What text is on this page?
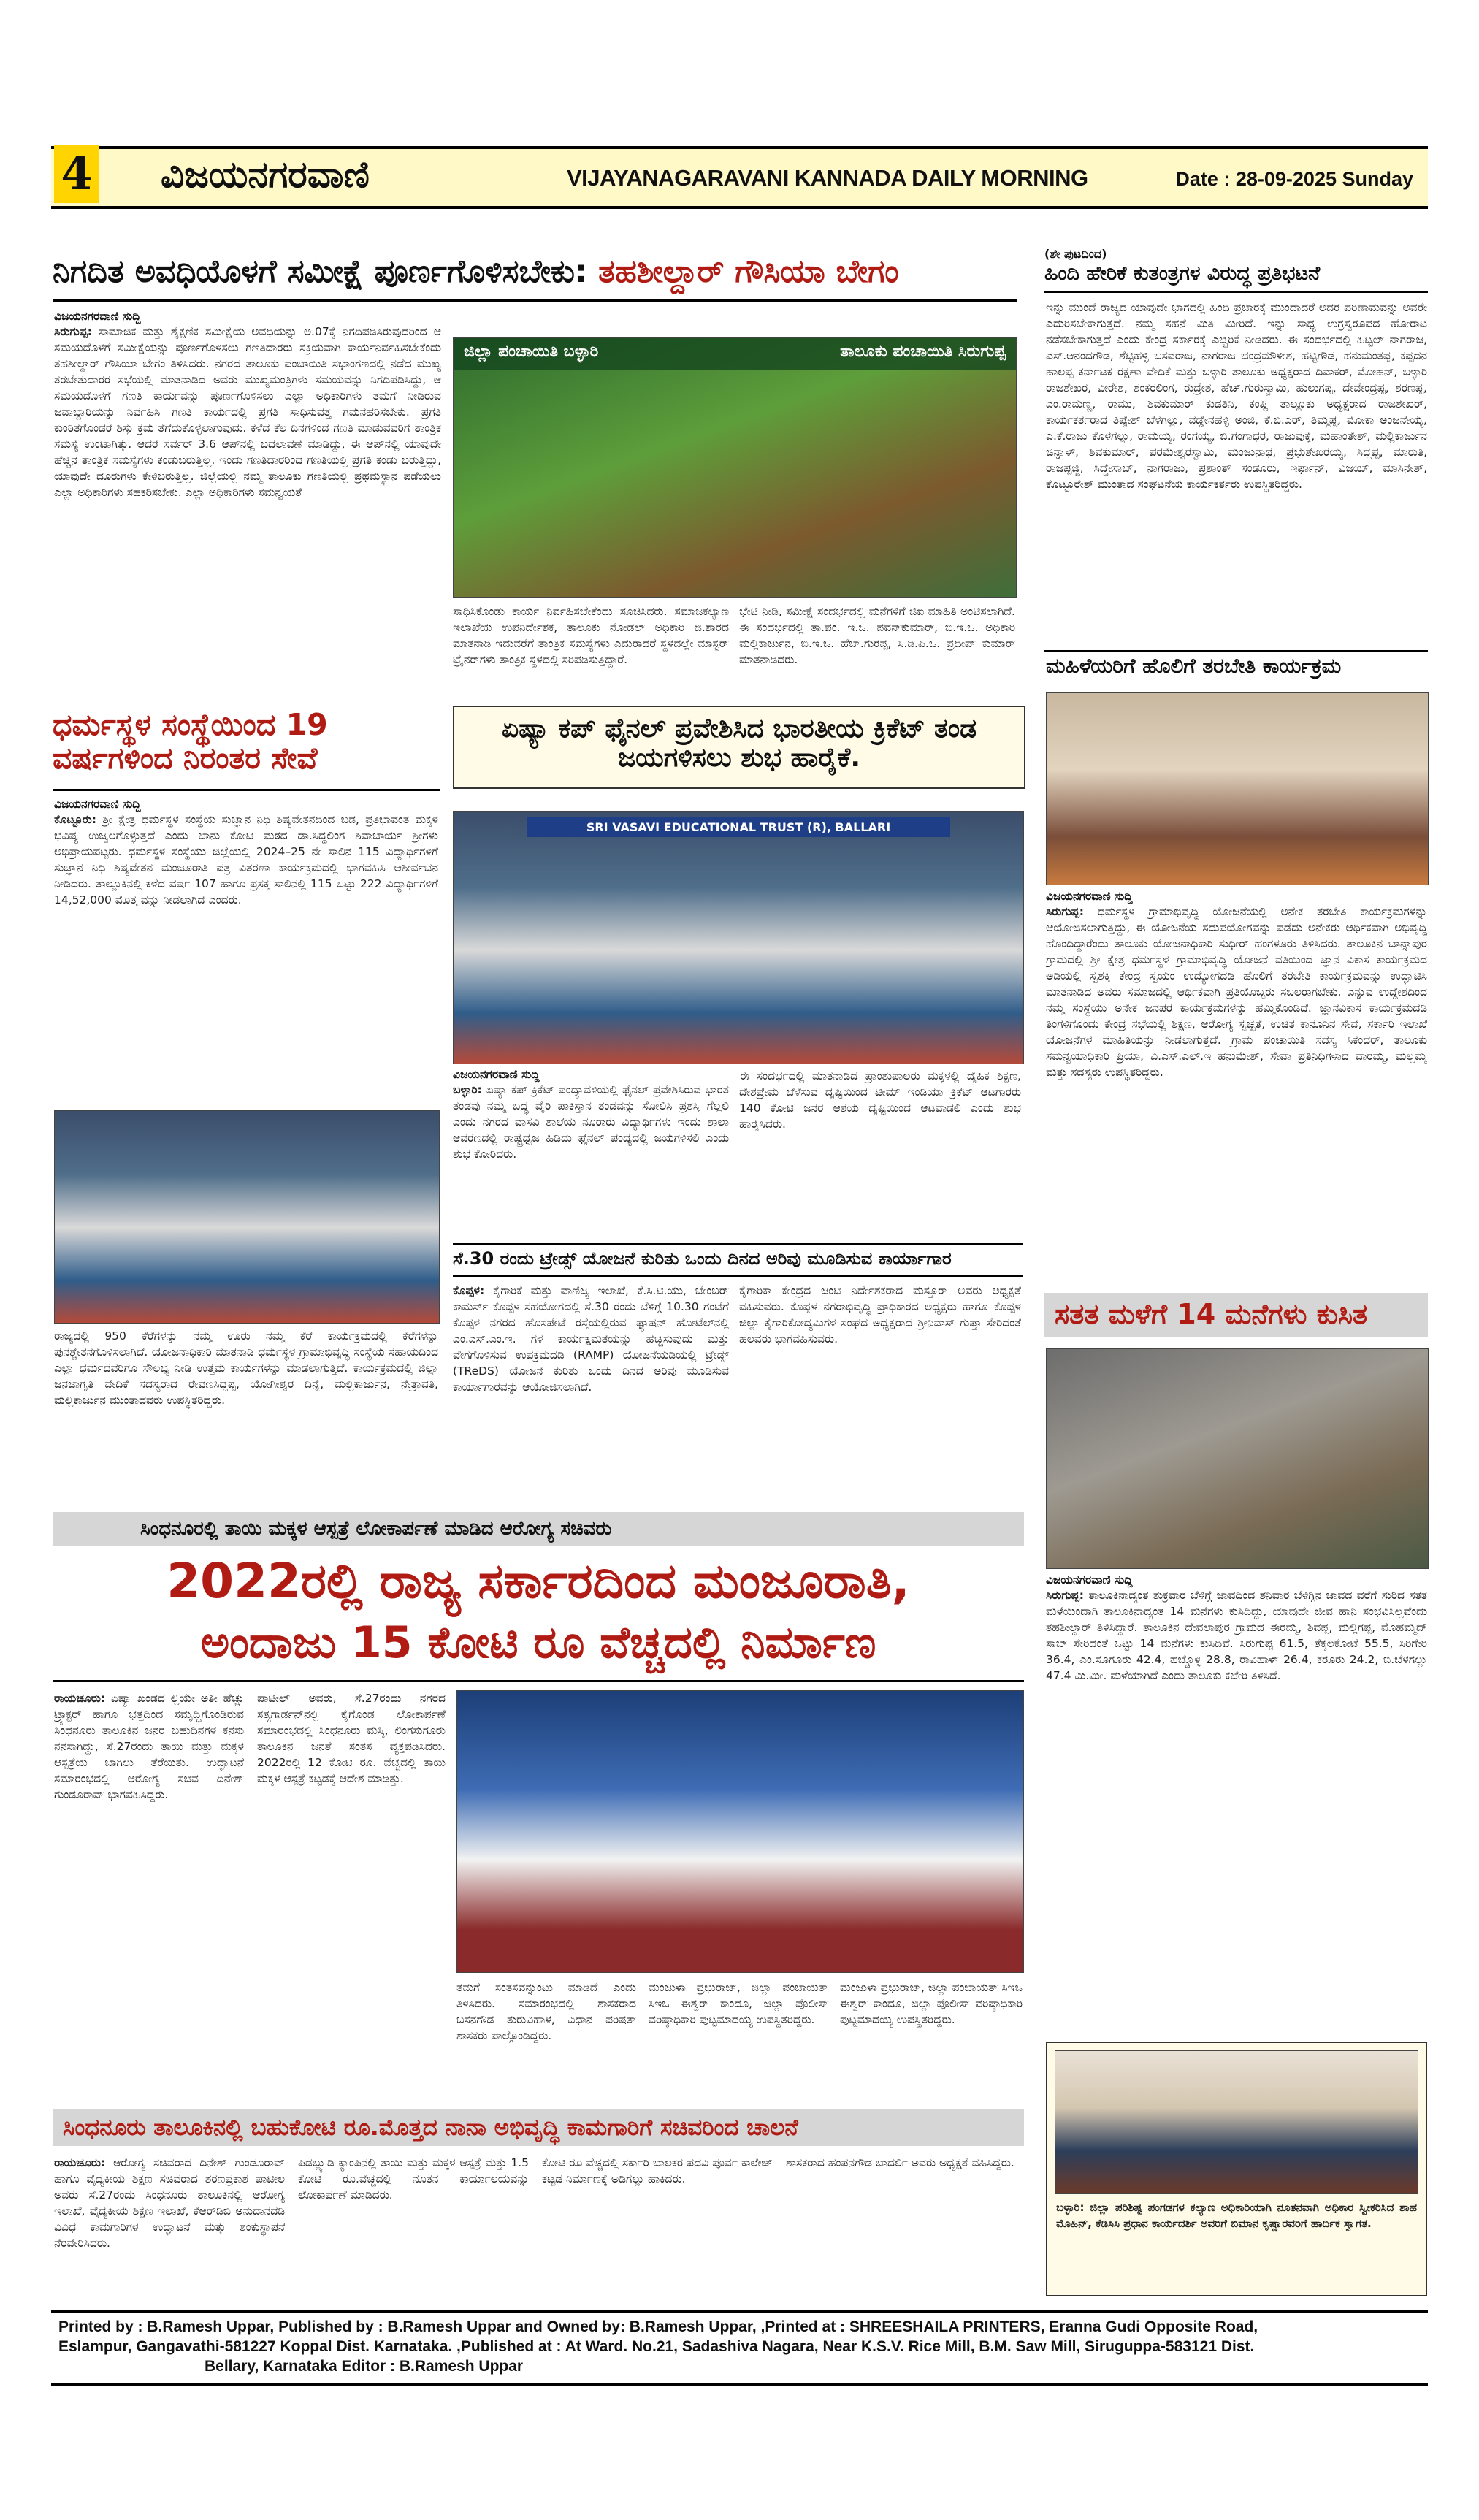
4 ವಿಜಯನಗರವಾಣಿ	VIJAYANAGARAVANI KANNADA DAILY MORNING	Date : 28-09-2025 Sunday
ನಿಗದಿತ ಅವಧಿಯೊಳಗೆ ಸಮೀಕ್ಷೆ ಪೂರ್ಣಗೊಳಿಸಬೇಕು: ತಹಶೀಲ್ದಾರ್ ಗೌಸಿಯಾ ಬೇಗಂ
ವಿಜಯನಗರವಾಣಿ ಸುದ್ದಿ
ಸಿರುಗುಪ್ಪ: ಸಾಮಾಜಿಕ ಮತ್ತು ಶೈಕ್ಷಣಿಕ ಸಮೀಕ್ಷೆಯ ಅವಧಿಯನ್ನು ಅ.07ಕ್ಕೆ ನಿಗದಿಪಡಿಸಿರುವುದರಿಂದ ಆ ಸಮಯದೊಳಗೆ ಸಮೀಕ್ಷೆಯನ್ನು ಪೂರ್ಣಗೊಳಿಸಲು ಗಣತಿದಾರರು ಸಕ್ರಿಯವಾಗಿ ಕಾರ್ಯನಿರ್ವಹಿಸಬೇಕೆಂದು ತಹಶೀಲ್ದಾರ್ ಗೌಸಿಯಾ ಬೇಗಂ ತಿಳಿಸಿದರು. ನಗರದ ತಾಲೂಕು ಪಂಚಾಯಿತಿ ಸಭಾಂಗಣದಲ್ಲಿ ನಡೆದ ಮುಖ್ಯ ತರಬೇತುದಾರರ ಸಭೆಯಲ್ಲಿ ಮಾತನಾಡಿದ ಅವರು ಮುಖ್ಯಮಂತ್ರಿಗಳು ಸಮಯವನ್ನು ನಿಗದಿಪಡಿಸಿದ್ದು, ಆ ಸಮಯದೊಳಗೆ ಗಣತಿ ಕಾರ್ಯವನ್ನು ಪೂರ್ಣಗೊಳಿಸಲು ಎಲ್ಲಾ ಅಧಿಕಾರಿಗಳು ತಮಗೆ ನೀಡಿರುವ ಜವಾಬ್ದಾರಿಯನ್ನು ನಿರ್ವಹಿಸಿ ಗಣತಿ ಕಾರ್ಯದಲ್ಲಿ ಪ್ರಗತಿ ಸಾಧಿಸುವತ್ತ ಗಮನಹರಿಸಬೇಕು. ಪ್ರಗತಿ ಕುಂಠಿತಗೊಂಡರೆ ಶಿಸ್ತು ಕ್ರಮ ತೆಗೆದುಕೊಳ್ಳಲಾಗುವುದು. ಕಳೆದ ಕೆಲ ದಿನಗಳಿಂದ ಗಣತಿ ಮಾಡುವವರಿಗೆ ತಾಂತ್ರಿಕ ಸಮಸ್ಯೆ ಉಂಟಾಗಿತ್ತು. ಆದರೆ ಸರ್ವರ್ 3.6 ಆಪ್‌ನಲ್ಲಿ ಬದಲಾವಣೆ ಮಾಡಿದ್ದು, ಈ ಆಪ್‌ನಲ್ಲಿ ಯಾವುದೇ ಹೆಚ್ಚಿನ ತಾಂತ್ರಿಕ ಸಮಸ್ಯೆಗಳು ಕಂಡುಬರುತ್ತಿಲ್ಲ. ಇಂದು ಗಣತಿದಾರರಿಂದ ಗಣತಿಯಲ್ಲಿ ಪ್ರಗತಿ ಕಂಡು ಬರುತ್ತಿದ್ದು, ಯಾವುದೇ ದೂರುಗಳು ಕೇಳಿಬರುತ್ತಿಲ್ಲ. ಜಿಲ್ಲೆಯಲ್ಲಿ ನಮ್ಮ ತಾಲೂಕು ಗಣತಿಯಲ್ಲಿ ಪ್ರಥಮಸ್ಥಾನ ಪಡೆಯಲು ಎಲ್ಲಾ ಅಧಿಕಾರಿಗಳು ಸಹಕರಿಸಬೇಕು. ಎಲ್ಲಾ ಅಧಿಕಾರಿಗಳು ಸಮನ್ವಯತೆ
ಜಿಲ್ಲಾ ಪಂಚಾಯಿತಿ ಬಳ್ಳಾರಿ	ತಾಲೂಕು ಪಂಚಾಯಿತಿ ಸಿರುಗುಪ್ಪ
ಸಾಧಿಸಿಕೊಂಡು ಕಾರ್ಯ ನಿರ್ವಹಿಸಬೇಕೆಂದು ಸೂಚಿಸಿದರು. ಸಮಾಜಕಲ್ಯಾಣ ಇಲಾಖೆಯ ಉಪನಿರ್ದೇಶಕ, ತಾಲೂಕು ನೋಡಲ್ ಅಧಿಕಾರಿ ಜಿ.ಶಾರದ ಮಾತನಾಡಿ ಇದುವರೆಗೆ ತಾಂತ್ರಿಕ ಸಮಸ್ಯೆಗಳು ಎದುರಾದರೆ ಸ್ಥಳದಲ್ಲೇ ಮಾಸ್ಟರ್ ಟ್ರೈನರ್‌ಗಳು ತಾಂತ್ರಿಕ ಸ್ಥಳದಲ್ಲಿ ಸರಿಪಡಿಸುತ್ತಿದ್ದಾರೆ.
ಭೇಟಿ ನೀಡಿ, ಸಮೀಕ್ಷೆ ಸಂದರ್ಭದಲ್ಲಿ ಮನೆಗಳಿಗೆ ಜಿಐ ಮಾಹಿತಿ ಅಂಟಿಸಲಾಗಿದೆ. ಈ ಸಂದರ್ಭದಲ್ಲಿ ತಾ.ಪಂ. ಇ.ಒ. ಪವನ್‌ಕುಮಾರ್, ಬಿ.ಇ.ಒ. ಅಧಿಕಾರಿ ಮಲ್ಲಿಕಾರ್ಜುನ, ಬಿ.ಇ.ಒ. ಹೆಚ್.ಗುರಪ್ಪ, ಸಿ.ಡಿ.ಪಿ.ಒ. ಪ್ರದೀಪ್ ಕುಮಾರ್ ಮಾತನಾಡಿದರು.
(ಶೇ ಪುಟದಿಂದ)
ಹಿಂದಿ ಹೇರಿಕೆ ಕುತಂತ್ರಗಳ ವಿರುದ್ಧ ಪ್ರತಿಭಟನೆ
ಇನ್ನು ಮುಂದೆ ರಾಜ್ಯದ ಯಾವುದೇ ಭಾಗದಲ್ಲಿ ಹಿಂದಿ ಪ್ರಚಾರಕ್ಕೆ ಮುಂದಾದರೆ ಅದರ ಪರಿಣಾಮವನ್ನು ಅವರೇ ಎದುರಿಸಬೇಕಾಗುತ್ತದೆ. ನಮ್ಮ ಸಹನೆ ಮಿತಿ ಮೀರಿದೆ. ಇನ್ನು ಸಾಧ್ಯ ಉಗ್ರಸ್ವರೂಪದ ಹೋರಾಟ ನಡೆಸಬೇಕಾಗುತ್ತದೆ ಎಂದು ಕೇಂದ್ರ ಸರ್ಕಾರಕ್ಕೆ ಎಚ್ಚರಿಕೆ ನೀಡಿದರು. ಈ ಸಂದರ್ಭದಲ್ಲಿ ಹಿಟ್ಟಲ್ ನಾಗರಾಜ, ಎಸ್.ಆನಂದಗೌಡ, ಶೆಟ್ಟಿಹಳ್ಳಿ ಬಸವರಾಜ, ನಾಗರಾಜ ಚಂದ್ರಮೌಳೀಶ, ಹಟ್ಟಿಗೌಡ, ಹನುಮಂತಪ್ಪ, ಕಪ್ಪದನ ಹಾಲಪ್ಪ ಕರ್ನಾಟಕ ರಕ್ಷಣಾ ವೇದಿಕೆ ಮತ್ತು ಬಳ್ಳಾರಿ ತಾಲೂಕು ಅಧ್ಯಕ್ಷರಾದ ದಿವಾಕರ್, ಮೋಹನ್, ಬಳ್ಳಾರಿ ರಾಜಶೇಖರ, ವೀರೇಶ, ಶಂಕರಲಿಂಗ, ರುದ್ರೇಶ, ಹೆಚ್.ಗುರುಸ್ವಾಮಿ, ಹುಲುಗಪ್ಪ, ದೇವೇಂದ್ರಪ್ಪ, ಶರಣಪ್ಪ, ಎಂ.ರಾಮಣ್ಣ, ರಾಮು, ಶಿವಕುಮಾರ್ ಕುಡತಿನಿ, ಕಂಪ್ಲಿ ತಾಲ್ಲೂಕು ಅಧ್ಯಕ್ಷರಾದ ರಾಜಶೇಖರ್, ಕಾರ್ಯಕರ್ತರಾದ ತಿಪ್ಪೇಶ್ ಬೆಳಗಲ್ಲು, ವಡ್ಡೇನಹಳ್ಳಿ ಅಂಜಿ, ಕೆ.ಬಿ.ಎರ್, ತಿಮ್ಮಪ್ಪ, ಮೋಕಾ ಅಂಜನೇಯ್ಯ, ಎ.ಕೆ.ರಾಜು ಕೊಳಗಲ್ಲು, ರಾಮಯ್ಯ, ರಂಗಯ್ಯ, ಬಿ.ಗಂಗಾಧರ, ರಾಜುವುಕ್ಕೆ, ಮಹಾಂತೇಶ್, ಮಲ್ಲಿಕಾರ್ಜುನ ಚಿನ್ನಾಳ್, ಶಿವಕುಮಾರ್, ಪರಮೇಶ್ವರಸ್ವಾಮಿ, ಮಂಜುನಾಥ, ಪ್ರಭುಶೇಖರಯ್ಯ, ಸಿದ್ದಪ್ಪ, ಮಾರುತಿ, ರಾಜಪ್ಪಜ್ಜಿ, ಸಿದ್ದೇಸಾಬ್, ನಾಗರಾಜು, ಪ್ರಶಾಂತ್ ಸಂಡೂರು, ಇರ್ಫಾನ್, ವಿಜಯ್, ಮಾಸಿನೇಶ್, ಕೊಟ್ಟೂರೇಶ್ ಮುಂತಾದ ಸಂಘಟನೆಯ ಕಾರ್ಯಕರ್ತರು ಉಪಸ್ಥಿತರಿದ್ದರು.
ಮಹಿಳೆಯರಿಗೆ ಹೊಲಿಗೆ ತರಬೇತಿ ಕಾರ್ಯಕ್ರಮ
ವಿಜಯನಗರವಾಣಿ ಸುದ್ದಿ
ಸಿರುಗುಪ್ಪ: ಧರ್ಮಸ್ಥಳ ಗ್ರಾಮಾಭಿವೃದ್ಧಿ ಯೋಜನೆಯಲ್ಲಿ ಅನೇಕ ತರಬೇತಿ ಕಾರ್ಯಕ್ರಮಗಳನ್ನು ಆಯೋಜಿಸಲಾಗುತ್ತಿದ್ದು, ಈ ಯೋಜನೆಯ ಸದುಪಯೋಗವನ್ನು ಪಡೆದು ಅನೇಕರು ಆರ್ಥಿಕವಾಗಿ ಅಭಿವೃದ್ಧಿ ಹೊಂದಿದ್ದಾರೆಂದು ತಾಲೂಕು ಯೋಜನಾಧಿಕಾರಿ ಸುಧೀರ್ ಹಂಗಳೂರು ತಿಳಿಸಿದರು. ತಾಲೂಕಿನ ಚಾನ್ನಾಪುರ ಗ್ರಾಮದಲ್ಲಿ ಶ್ರೀ ಕ್ಷೇತ್ರ ಧರ್ಮಸ್ಥಳ ಗ್ರಾಮಾಭಿವೃದ್ಧಿ ಯೋಜನೆ ವತಿಯಿಂದ ಜ್ಞಾನ ವಿಕಾಸ ಕಾರ್ಯಕ್ರಮದ ಅಡಿಯಲ್ಲಿ ಸ್ವಶಕ್ತಿ ಕೇಂದ್ರ ಸ್ವಯಂ ಉದ್ಯೋಗದಡಿ ಹೊಲಿಗೆ ತರಬೇತಿ ಕಾರ್ಯಕ್ರಮವನ್ನು ಉದ್ಘಾಟಿಸಿ ಮಾತನಾಡಿದ ಅವರು ಸಮಾಜದಲ್ಲಿ ಆರ್ಥಿಕವಾಗಿ ಪ್ರತಿಯೊಬ್ಬರು ಸಬಲರಾಗಬೇಕು. ಎನ್ನುವ ಉದ್ದೇಶದಿಂದ ನಮ್ಮ ಸಂಸ್ಥೆಯು ಅನೇಕ ಜನಪರ ಕಾರ್ಯಕ್ರಮಗಳನ್ನು ಹಮ್ಮಿಕೊಂಡಿದೆ. ಜ್ಞಾನವಿಕಾಸ ಕಾರ್ಯಕ್ರಮದಡಿ ತಿಂಗಳಿಗೊಂದು ಕೇಂದ್ರ ಸಭೆಯಲ್ಲಿ ಶಿಕ್ಷಣ, ಆರೋಗ್ಯ ಸ್ವಚ್ಛತೆ, ಉಚಿತ ಕಾನೂನಿನ ಸೇವೆ, ಸರ್ಕಾರಿ ಇಲಾಖೆ ಯೋಜನೆಗಳ ಮಾಹಿತಿಯನ್ನು ನೀಡಲಾಗುತ್ತದೆ. ಗ್ರಾಮ ಪಂಚಾಯಿತಿ ಸದಸ್ಯ ಸಿಕಂದರ್, ತಾಲೂಕು ಸಮನ್ವಯಾಧಿಕಾರಿ ಪ್ರಿಯಾ, ವಿ.ಎಸ್.ಎಲ್.ಇ ಹನುಮೇಶ್, ಸೇವಾ ಪ್ರತಿನಿಧಿಗಳಾದ ವಾರಮ್ಮ, ಮಲ್ಲಮ್ಮ ಮತ್ತು ಸದಸ್ಯರು ಉಪಸ್ಥಿತರಿದ್ದರು.
ಸತತ ಮಳೆಗೆ 14 ಮನೆಗಳು ಕುಸಿತ
ವಿಜಯನಗರವಾಣಿ ಸುದ್ದಿ
ಸಿರುಗುಪ್ಪ: ತಾಲೂಕಿನಾದ್ಯಂತ ಶುಕ್ರವಾರ ಬೆಳಿಗ್ಗೆ ಜಾವದಿಂದ ಶನಿವಾರ ಬೆಳಿಗ್ಗಿನ ಜಾವದ ವರೆಗೆ ಸುರಿದ ಸತತ ಮಳೆಯಿಂದಾಗಿ ತಾಲೂಕಿನಾದ್ಯಂತ 14 ಮನೆಗಳು ಕುಸಿದಿದ್ದು, ಯಾವುದೇ ಜೀವ ಹಾನಿ ಸಂಭವಿಸಿಲ್ಲವೆಂದು ತಹಶೀಲ್ದಾರ್ ತಿಳಿಸಿದ್ದಾರೆ. ತಾಲೂಕಿನ ದೇವಲಾಪುರ ಗ್ರಾಮದ ಈರಮ್ಮ, ಶಿವಪ್ಪ, ಮಲ್ಲಿಗಪ್ಪ, ಮೊಹಮ್ಮದ್ ಸಾಬ್ ಸೇರಿದಂತೆ ಒಟ್ಟು 14 ಮನೆಗಳು ಕುಸಿದಿವೆ. ಸಿರುಗುಪ್ಪ 61.5, ತೆಕ್ಕಲಕೋಟೆ 55.5, ಸಿರಿಗೇರಿ 36.4, ಎಂ.ಸೂಗೂರು 42.4, ಹಚ್ಚೊಳ್ಳಿ 28.8, ರಾವಿಹಾಳ್ 26.4, ಕರೂರು 24.2, ಬಿ.ಬೆಳಗಲ್ಲು 47.4 ಮಿ.ಮೀ. ಮಳೆಯಾಗಿದೆ ಎಂದು ತಾಲೂಕು ಕಚೇರಿ ತಿಳಿಸಿದೆ.
ಬಳ್ಳಾರಿ: ಜಿಲ್ಲಾ ಪರಿಶಿಷ್ಟ ಪಂಗಡಗಳ ಕಲ್ಯಾಣ ಅಧಿಕಾರಿಯಾಗಿ ನೂತನವಾಗಿ ಅಧಿಕಾರ ಸ್ವೀಕರಿಸಿದ ಶಾಹ ಮೊಹಿನ್, ಕೆಡಿಸಿಸಿ ಪ್ರಧಾನ ಕಾರ್ಯದರ್ಶಿ ಅವರಿಗೆ ಬಿಮಾನ ಕೃಷ್ಣಾರವರಿಗೆ ಹಾರ್ದಿಕ ಸ್ವಾಗತ.
ಧರ್ಮಸ್ಥಳ ಸಂಸ್ಥೆಯಿಂದ 19 ವರ್ಷಗಳಿಂದ ನಿರಂತರ ಸೇವೆ
ವಿಜಯನಗರವಾಣಿ ಸುದ್ದಿ
ಕೊಟ್ಟೂರು: ಶ್ರೀ ಕ್ಷೇತ್ರ ಧರ್ಮಸ್ಥಳ ಸಂಸ್ಥೆಯ ಸುಜ್ಞಾನ ನಿಧಿ ಶಿಷ್ಯವೇತನದಿಂದ ಬಡ, ಪ್ರತಿಭಾವಂತ ಮಕ್ಕಳ ಭವಿಷ್ಯ ಉಜ್ವಲಗೊಳ್ಳುತ್ತದೆ ಎಂದು ಚಾನು ಕೋಟಿ ಮಠದ ಡಾ.ಸಿದ್ಧಲಿಂಗ ಶಿವಾಚಾರ್ಯ ಶ್ರೀಗಳು ಅಭಿಪ್ರಾಯಪಟ್ಟರು. ಧರ್ಮಸ್ಥಳ ಸಂಸ್ಥೆಯು ಜಿಲ್ಲೆಯಲ್ಲಿ 2024–25 ನೇ ಸಾಲಿನ 115 ವಿದ್ಯಾರ್ಥಿಗಳಿಗೆ ಸುಜ್ಞಾನ ನಿಧಿ ಶಿಷ್ಯವೇತನ ಮಂಜೂರಾತಿ ಪತ್ರ ವಿತರಣಾ ಕಾರ್ಯಕ್ರಮದಲ್ಲಿ ಭಾಗವಹಿಸಿ ಆಶೀರ್ವಚನ ನೀಡಿದರು. ತಾಲ್ಲೂಕಿನಲ್ಲಿ ಕಳೆದ ವರ್ಷ 107 ಹಾಗೂ ಪ್ರಸಕ್ತ ಸಾಲಿನಲ್ಲಿ 115 ಒಟ್ಟು 222 ವಿದ್ಯಾರ್ಥಿಗಳಿಗೆ 14,52,000 ಮೊತ್ತ ವನ್ನು ನೀಡಲಾಗಿದೆ ಎಂದರು.
ರಾಜ್ಯದಲ್ಲಿ 950 ಕೆರೆಗಳನ್ನು ನಮ್ಮ ಊರು ನಮ್ಮ ಕೆರೆ ಕಾರ್ಯಕ್ರಮದಲ್ಲಿ ಕೆರೆಗಳನ್ನು ಪುನಶ್ಚೇತನಗೊಳಿಸಲಾಗಿದೆ. ಯೋಜನಾಧಿಕಾರಿ ಮಾತನಾಡಿ ಧರ್ಮಸ್ಥಳ ಗ್ರಾಮಾಭಿವೃದ್ಧಿ ಸಂಸ್ಥೆಯ ಸಹಾಯದಿಂದ ಎಲ್ಲಾ ಧರ್ಮದವರಿಗೂ ಸೌಲಭ್ಯ ನೀಡಿ ಉತ್ತಮ ಕಾರ್ಯಗಳನ್ನು ಮಾಡಲಾಗುತ್ತಿದೆ. ಕಾರ್ಯಕ್ರಮದಲ್ಲಿ ಜಿಲ್ಲಾ ಜನಜಾಗೃತಿ ವೇದಿಕೆ ಸದಸ್ಯರಾದ ರೇವಣಸಿದ್ದಪ್ಪ, ಯೋಗೀಶ್ವರ ದಿನ್ನೆ, ಮಲ್ಲಿಕಾರ್ಜುನ, ನೇತ್ರಾವತಿ, ಮಲ್ಲಿಕಾರ್ಜುನ ಮುಂತಾದವರು ಉಪಸ್ಥಿತರಿದ್ದರು.
ಏಷ್ಯಾ ಕಪ್ ಫೈನಲ್ ಪ್ರವೇಶಿಸಿದ ಭಾರತೀಯ ಕ್ರಿಕೆಟ್ ತಂಡ ಜಯಗಳಿಸಲು ಶುಭ ಹಾರೈಕೆ.
SRI VASAVI EDUCATIONAL TRUST (R), BALLARI
ವಿಜಯನಗರವಾಣಿ ಸುದ್ದಿ
ಬಳ್ಳಾರಿ: ಏಷ್ಯಾ ಕಪ್ ಕ್ರಿಕೆಟ್ ಪಂದ್ಯಾವಳಿಯಲ್ಲಿ ಫೈನಲ್ ಪ್ರವೇಶಿಸಿರುವ ಭಾರತ ತಂಡವು ನಮ್ಮ ಬದ್ಧ ವೈರಿ ಪಾಕಿಸ್ತಾನ ತಂಡವನ್ನು ಸೋಲಿಸಿ ಪ್ರಶಸ್ತಿ ಗೆಲ್ಲಲಿ ಎಂದು ನಗರದ ವಾಸವಿ ಶಾಲೆಯ ನೂರಾರು ವಿದ್ಯಾರ್ಥಿಗಳು ಇಂದು ಶಾಲಾ ಆವರಣದಲ್ಲಿ ರಾಷ್ಟ್ರಧ್ವಜ ಹಿಡಿದು ಫೈನಲ್ ಪಂದ್ಯದಲ್ಲಿ ಜಯಗಳಿಸಲಿ ಎಂದು ಶುಭ ಕೋರಿದರು.
ಈ ಸಂದರ್ಭದಲ್ಲಿ ಮಾತನಾಡಿದ ಪ್ರಾಂಶುಪಾಲರು ಮಕ್ಕಳಲ್ಲಿ ದೈಹಿಕ ಶಿಕ್ಷಣ, ದೇಶಪ್ರೇಮ ಬೆಳೆಸುವ ದೃಷ್ಟಿಯಿಂದ ಟೀಮ್ ಇಂಡಿಯಾ ಕ್ರಿಕೆಟ್ ಆಟಗಾರರು 140 ಕೋಟಿ ಜನರ ಆಶಯ ದೃಷ್ಟಿಯಿಂದ ಆಟವಾಡಲಿ ಎಂದು ಶುಭ ಹಾರೈಸಿದರು.
ಸೆ.30 ರಂದು ಟ್ರೇಡ್ಸ್ ಯೋಜನೆ ಕುರಿತು ಒಂದು ದಿನದ ಅರಿವು ಮೂಡಿಸುವ ಕಾರ್ಯಾಗಾರ
ಕೊಪ್ಪಳ: ಕೈಗಾರಿಕೆ ಮತ್ತು ವಾಣಿಜ್ಯ ಇಲಾಖೆ, ಕೆ.ಸಿ.ಟಿ.ಯು, ಚೇಂಬರ್ ಕಾಮರ್ಸ್ ಕೊಪ್ಪಳ ಸಹಯೋಗದಲ್ಲಿ ಸೆ.30 ರಂದು ಬೆಳಿಗ್ಗೆ 10.30 ಗಂಟೆಗೆ ಕೊಪ್ಪಳ ನಗರದ ಹೊಸಪೇಟೆ ರಸ್ತೆಯಲ್ಲಿರುವ ಫ್ಯಾಷನ್ ಹೋಟೆಲ್‌ನಲ್ಲಿ ಎಂ.ಎಸ್.ಎಂ.ಇ. ಗಳ ಕಾರ್ಯಕ್ಷಮತೆಯನ್ನು ಹೆಚ್ಚಿಸುವುದು ಮತ್ತು ವೇಗಗೊಳಿಸುವ ಉಪಕ್ರಮದಡಿ (RAMP) ಯೋಜನೆಯಡಿಯಲ್ಲಿ ಟ್ರೇಡ್ಸ್ (TReDS) ಯೋಜನೆ ಕುರಿತು ಒಂದು ದಿನದ ಅರಿವು ಮೂಡಿಸುವ ಕಾರ್ಯಾಗಾರವನ್ನು ಆಯೋಜಿಸಲಾಗಿದೆ.
ಕೈಗಾರಿಕಾ ಕೇಂದ್ರದ ಜಂಟಿ ನಿರ್ದೇಶಕರಾದ ಮಸ್ತೂರ್ ಅವರು ಅಧ್ಯಕ್ಷತೆ ವಹಿಸುವರು. ಕೊಪ್ಪಳ ನಗರಾಭಿವೃದ್ಧಿ ಪ್ರಾಧಿಕಾರದ ಅಧ್ಯಕ್ಷರು ಹಾಗೂ ಕೊಪ್ಪಳ ಜಿಲ್ಲಾ ಕೈಗಾರಿಕೋದ್ಯಮಿಗಳ ಸಂಘದ ಅಧ್ಯಕ್ಷರಾದ ಶ್ರೀನಿವಾಸ್ ಗುಪ್ತಾ ಸೇರಿದಂತೆ ಹಲವರು ಭಾಗವಹಿಸುವರು.
ಸಿಂಧನೂರಲ್ಲಿ ತಾಯಿ ಮಕ್ಕಳ ಆಸ್ಪತ್ರೆ ಲೋಕಾರ್ಪಣೆ ಮಾಡಿದ ಆರೋಗ್ಯ ಸಚಿವರು
2022ರಲ್ಲಿ ರಾಜ್ಯ ಸರ್ಕಾರದಿಂದ ಮಂಜೂರಾತಿ,
ಅಂದಾಜು 15 ಕೋಟಿ ರೂ ವೆಚ್ಚದಲ್ಲಿ ನಿರ್ಮಾಣ
ರಾಯಚೂರು: ಏಷ್ಯಾ ಖಂಡದ ಲ್ಲಿಯೇ ಅತೀ ಹೆಚ್ಚು ಟ್ರ್ಯಾಕ್ಟರ್ ಹಾಗೂ ಭತ್ತದಿಂದ ಸಮೃದ್ಧಿಗೊಂಡಿರುವ ಸಿಂಧನೂರು ತಾಲೂಕಿನ ಜನರ ಬಹುದಿನಗಳ ಕನಸು ನನಸಾಗಿದ್ದು, ಸೆ.27ರಂದು ತಾಯಿ ಮತ್ತು ಮಕ್ಕಳ ಆಸ್ಪತ್ರೆಯ ಬಾಗಿಲು ತೆರೆಯಿತು. ಉದ್ಘಾಟನೆ ಸಮಾರಂಭದಲ್ಲಿ ಆರೋಗ್ಯ ಸಚಿವ ದಿನೇಶ್ ಗುಂಡೂರಾವ್ ಭಾಗವಹಿಸಿದ್ದರು.
ಪಾಟೀಲ್ ಅವರು, ಸೆ.27ರಂದು ನಗರದ ಸತ್ಯಗಾರ್ಡನ್‌ನಲ್ಲಿ ಕೈಗೊಂಡ ಲೋಕಾರ್ಪಣೆ ಸಮಾರಂಭದಲ್ಲಿ ಸಿಂಧನೂರು ಮಸ್ಕಿ, ಲಿಂಗಸುಗೂರು ತಾಲೂಕಿನ ಜನತೆ ಸಂತಸ ವ್ಯಕ್ತಪಡಿಸಿದರು. 2022ರಲ್ಲಿ 12 ಕೋಟಿ ರೂ. ವೆಚ್ಚದಲ್ಲಿ ತಾಯಿ ಮಕ್ಕಳ ಆಸ್ಪತ್ರೆ ಕಟ್ಟಡಕ್ಕೆ ಆದೇಶ ಮಾಡಿತ್ತು.
ತಮಗೆ ಸಂತಸವನ್ನುಂಟು ಮಾಡಿದೆ ಎಂದು ತಿಳಿಸಿದರು. ಸಮಾರಂಭದಲ್ಲಿ ಶಾಸಕರಾದ ಬಸನಗೌಡ ತುರುವಿಹಾಳ, ವಿಧಾನ ಪರಿಷತ್ ಶಾಸಕರು ಪಾಲ್ಗೊಂಡಿದ್ದರು.
ಮಂಜುಳಾ ಪ್ರಭುರಾಜ್, ಜಿಲ್ಲಾ ಪಂಚಾಯತ್ ಸಿಇಒ ಈಶ್ವರ್ ಕಾಂದೂ, ಜಿಲ್ಲಾ ಪೊಲೀಸ್ ವರಿಷ್ಠಾಧಿಕಾರಿ ಪುಟ್ಟಮಾದಯ್ಯ ಉಪಸ್ಥಿತರಿದ್ದರು.
ಮಂಜುಳಾ ಪ್ರಭುರಾಜ್, ಜಿಲ್ಲಾ ಪಂಚಾಯತ್ ಸಿಇಒ ಈಶ್ವರ್ ಕಾಂದೂ, ಜಿಲ್ಲಾ ಪೊಲೀಸ್ ವರಿಷ್ಠಾಧಿಕಾರಿ ಪುಟ್ಟಮಾದಯ್ಯ ಉಪಸ್ಥಿತರಿದ್ದರು.
ಸಿಂಧನೂರು ತಾಲೂಕಿನಲ್ಲಿ ಬಹುಕೋಟಿ ರೂ.ಮೊತ್ತದ ನಾನಾ ಅಭಿವೃದ್ಧಿ ಕಾಮಗಾರಿಗೆ ಸಚಿವರಿಂದ ಚಾಲನೆ
ರಾಯಚೂರು: ಆರೋಗ್ಯ ಸಚಿವರಾದ ದಿನೇಶ್ ಗುಂಡೂರಾವ್ ಹಾಗೂ ವೈದ್ಯಕೀಯ ಶಿಕ್ಷಣ ಸಚಿವರಾದ ಶರಣಪ್ರಕಾಶ ಪಾಟೀಲ ಅವರು ಸೆ.27ರಂದು ಸಿಂಧನೂರು ತಾಲೂಕಿನಲ್ಲಿ ಆರೋಗ್ಯ ಇಲಾಖೆ, ವೈದ್ಯಕೀಯ ಶಿಕ್ಷಣ ಇಲಾಖೆ, ಕೆಆರ್‌ಡಿಬಿ ಅನುದಾನದಡಿ ವಿವಿಧ ಕಾಮಗಾರಿಗಳ ಉದ್ಘಾಟನೆ ಮತ್ತು ಶಂಕುಸ್ಥಾಪನೆ ನೆರವೇರಿಸಿದರು.
ಪಿಡಬ್ಲ್ಯುಡಿ ಕ್ಯಾಂಪಿನಲ್ಲಿ ತಾಯಿ ಮತ್ತು ಮಕ್ಕಳ ಆಸ್ಪತ್ರೆ ಮತ್ತು 1.5 ಕೋಟಿ ರೂ.ವೆಚ್ಚದಲ್ಲಿ ನೂತನ ಕಾರ್ಯಾಲಯವನ್ನು ಲೋಕಾರ್ಪಣೆ ಮಾಡಿದರು.
ಕೋಟಿ ರೂ ವೆಚ್ಚದಲ್ಲಿ ಸರ್ಕಾರಿ ಬಾಲಕರ ಪದವಿ ಪೂರ್ವ ಕಾಲೇಜ್ ಕಟ್ಟಡ ನಿರ್ಮಾಣಕ್ಕೆ ಅಡಿಗಲ್ಲು ಹಾಕಿದರು.
ಶಾಸಕರಾದ ಹಂಪನಗೌಡ ಬಾದರ್ಲಿ ಅವರು ಅಧ್ಯಕ್ಷತೆ ವಹಿಸಿದ್ದರು.
Printed by : B.Ramesh Uppar, Published by : B.Ramesh Uppar and Owned by: B.Ramesh Uppar, ,Printed at : SHREESHAILA PRINTERS, Eranna Gudi Opposite Road,
Eslampur, Gangavathi-581227 Koppal Dist. Karnataka. ,Published at : At Ward. No.21, Sadashiva Nagara, Near K.S.V. Rice Mill, B.M. Saw Mill, Siruguppa-583121 Dist.
Bellary, Karnataka Editor : B.Ramesh Uppar
